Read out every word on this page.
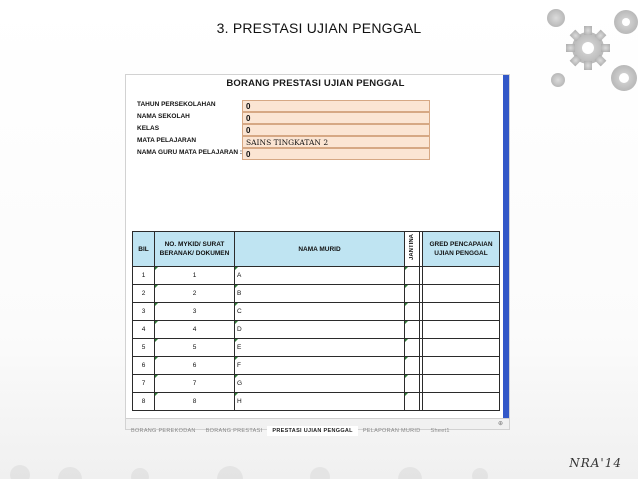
3. PRESTASI UJIAN PENGGAL
NRA'14
BORANG PRESTASI UJIAN PENGGAL
TAHUN PERSEKOLAHAN	0
NAMA SEKOLAH	0
KELAS	0
MATA PELAJARAN	SAINS TINGKATAN 2
NAMA GURU MATA PELAJARAN : 0
BIL	NO. MYKID/ SURAT BERANAK/ DOKUMEN	NAMA MURID	JANTINA		GRED PENCAPAIAN UJIAN PENGGAL
1	1	A			
2	2	B			
3	3	C			
4	4	D			
5	5	E			
6	6	F			
7	7	G			
8	8	H			
BORANG PEREKODAN BORANG PRESTASI PRESTASI UJIAN PENGGAL PELAPORAN MURID Sheet1
⊕
